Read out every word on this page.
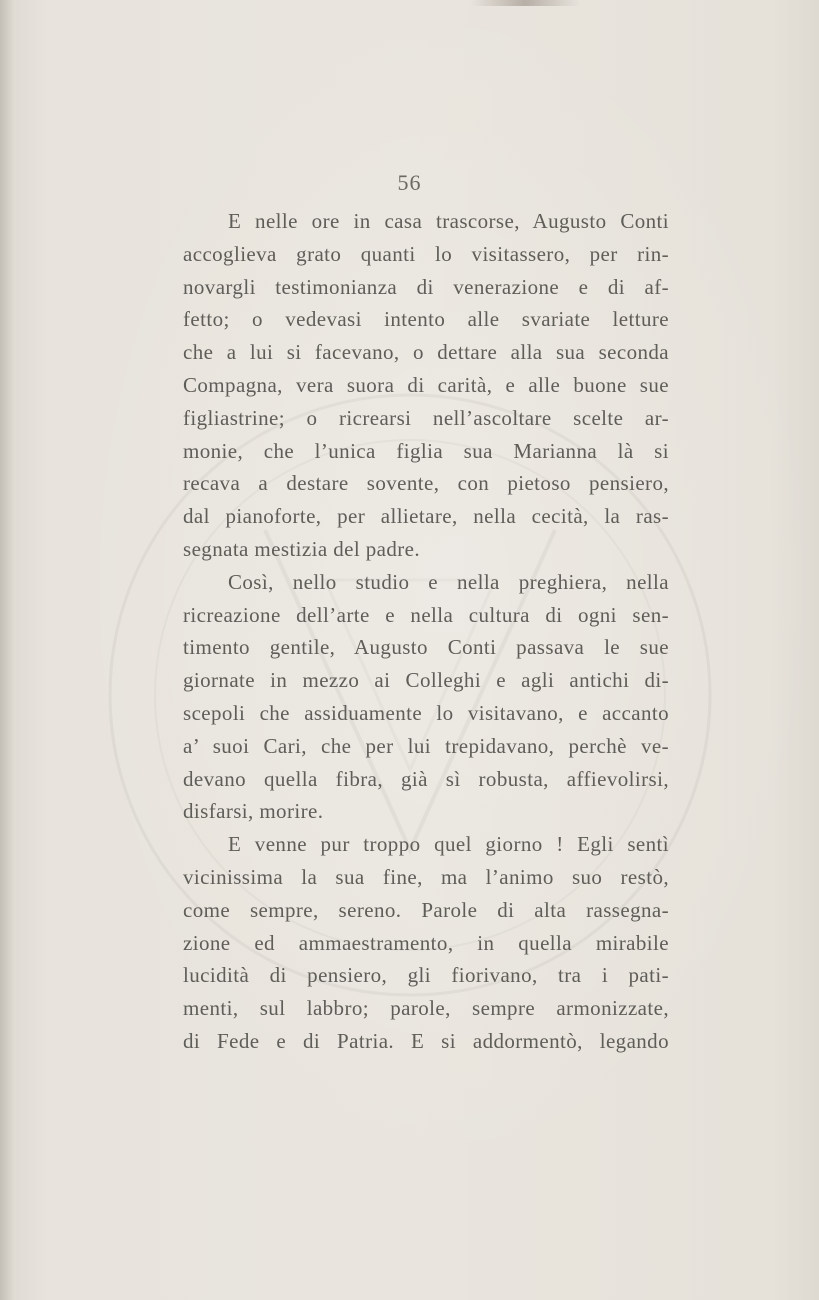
56
E nelle ore in casa trascorse, Augusto Conti
accoglieva grato quanti lo visitassero, per rin-
novargli testimonianza di venerazione e di af-
fetto; o vedevasi intento alle svariate letture
che a lui si facevano, o dettare alla sua seconda
Compagna, vera suora di carità, e alle buone sue
figliastrine; o ricrearsi nell’ascoltare scelte ar-
monie, che l’unica figlia sua Marianna là si
recava a destare sovente, con pietoso pensiero,
dal pianoforte, per allietare, nella cecità, la ras-
segnata mestizia del padre.
Così, nello studio e nella preghiera, nella
ricreazione dell’arte e nella cultura di ogni sen-
timento gentile, Augusto Conti passava le sue
giornate in mezzo ai Colleghi e agli antichi di-
scepoli che assiduamente lo visitavano, e accanto
a’ suoi Cari, che per lui trepidavano, perchè ve-
devano quella fibra, già sì robusta, affievolirsi,
disfarsi, morire.
E venne pur troppo quel giorno ! Egli sentì
vicinissima la sua fine, ma l’animo suo restò,
come sempre, sereno. Parole di alta rassegna-
zione ed ammaestramento, in quella mirabile
lucidità di pensiero, gli fiorivano, tra i pati-
menti, sul labbro; parole, sempre armonizzate,
di Fede e di Patria. E si addormentò, legando
